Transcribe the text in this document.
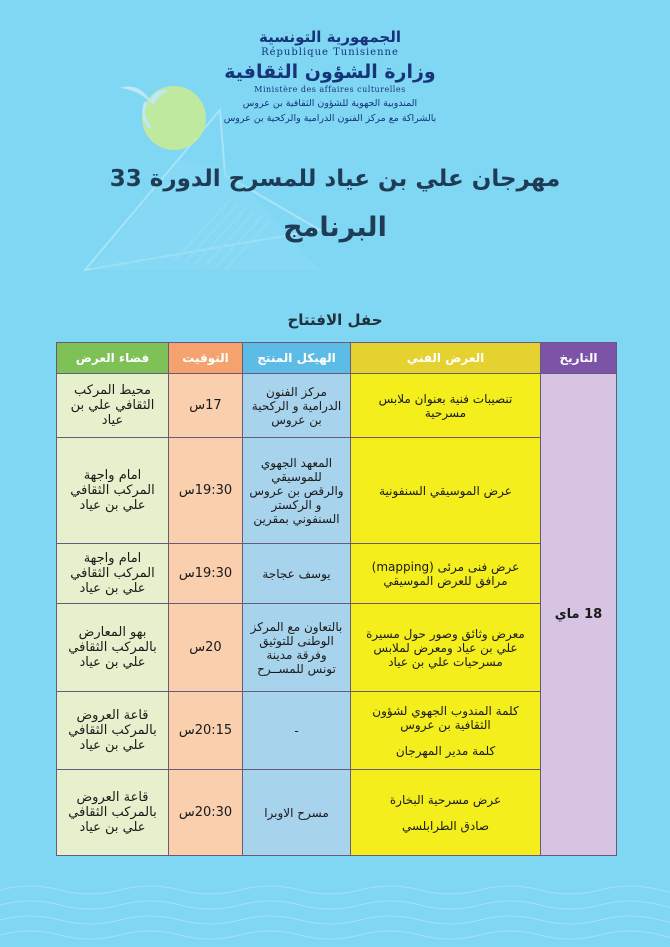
الجمهورية التونسية
République Tunisienne
وزارة الشؤون الثقافية
Ministère des affaires culturelles
المندوبية الجهوية للشؤون الثقافية بن عروس
بالشراكة مع مركز الفنون الدرامية والركحية بن عروس
مهرجان علي بن عياد للمسرح الدورة 33
البرنامج
حفل الافتتاح
التاريخ	العرض الفني	الهيكل المنتج	التوقيت	فضاء العرض
18 ماي	تنصيبات فنية بعنوان ملابس
مسرحية	مركز الفنون
الدرامية و الركحية
بن عروس	17س	محيط المركب
الثقافي علي بن
عياد

	عرض الموسيقي السنفونية	المعهد الجهوي
للموسيقي
والرقص بن عروس
و الركستر
السنفوني بمقرين	19:30س	امام واجهة
المركب الثقافي
علي بن عياد

	عرض فنى مرئى (mapping)
مرافق للعرض الموسيقي	يوسف عجاجة	19:30س	امام واجهة
المركب الثقافي
علي بن عياد

	معرض وثائق وصور حول مسيرة
علي بن عياد ومعرض لملابس
مسرحيات علي بن عياد	بالتعاون مع المركز
الوطنى للتوثيق
وفرقة مدينة
تونس للمســرح	20س	بهو المعارض
بالمركب الثقافي
علي بن عياد

	كلمة المندوب الجهوي لشؤون
الثقافية بن عروس
كلمة مدير المهرجان	-	20:15س	قاعة العروض
بالمركب الثقافي
علي بن عياد

	عرض مسرحية البخارة
صادق الطرابلسي	مسرح الاوبرا	20:30س	قاعة العروض
بالمركب الثقافي
علي بن عياد
